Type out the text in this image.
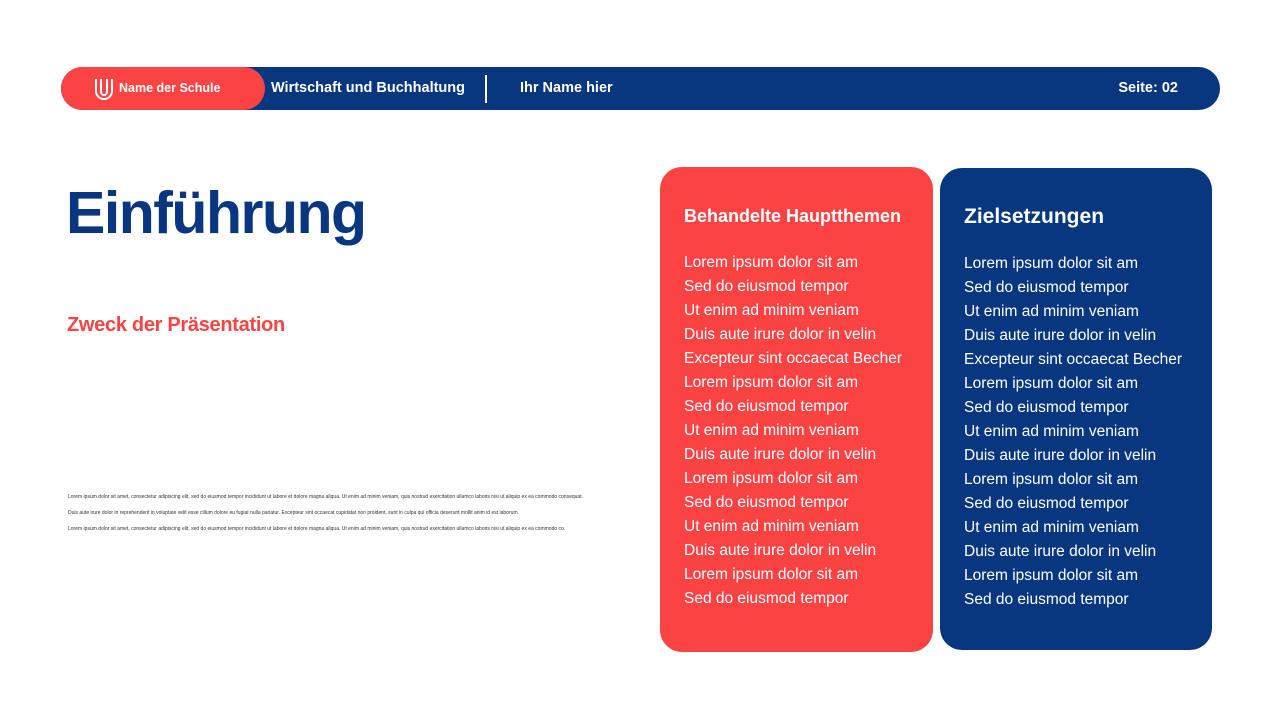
Name der Schule	Wirtschaft und Buchhaltung	Ihr Name hier	Seite: 02
Einführung
Zweck der Präsentation
Lorem ipsum dolor sit amet, consectetur adipiscing elit, sed do eiusmod tempor incididunt ut labore et dolore magna aliqua. Ut enim ad minim veniam, quis nostrud exercitation ullamco laboris nisi ut aliquip ex ea commodo consequat.
Duis aute irure dolor in reprehenderit in voluptate velit esse cillum dolore eu fugiat nulla pariatur. Excepteur sint occaecat cupidatat non proident, sunt in culpa qui officia deserunt mollit anim id est laborum.
Lorem ipsum dolor sit amet, consectetur adipiscing elit, sed do eiusmod tempor incididunt ut labore et dolore magna aliqua. Ut enim ad minim veniam, quis nostrud exercitation ullamco laboris nisi ut aliquip ex ea commodo co.
Behandelte Hauptthemen
Lorem ipsum dolor sit am
Sed do eiusmod tempor
Ut enim ad minim veniam
Duis aute irure dolor in velin
Excepteur sint occaecat Becher
Lorem ipsum dolor sit am
Sed do eiusmod tempor
Ut enim ad minim veniam
Duis aute irure dolor in velin
Lorem ipsum dolor sit am
Sed do eiusmod tempor
Ut enim ad minim veniam
Duis aute irure dolor in velin
Lorem ipsum dolor sit am
Sed do eiusmod tempor
Zielsetzungen
Lorem ipsum dolor sit am
Sed do eiusmod tempor
Ut enim ad minim veniam
Duis aute irure dolor in velin
Excepteur sint occaecat Becher
Lorem ipsum dolor sit am
Sed do eiusmod tempor
Ut enim ad minim veniam
Duis aute irure dolor in velin
Lorem ipsum dolor sit am
Sed do eiusmod tempor
Ut enim ad minim veniam
Duis aute irure dolor in velin
Lorem ipsum dolor sit am
Sed do eiusmod tempor
